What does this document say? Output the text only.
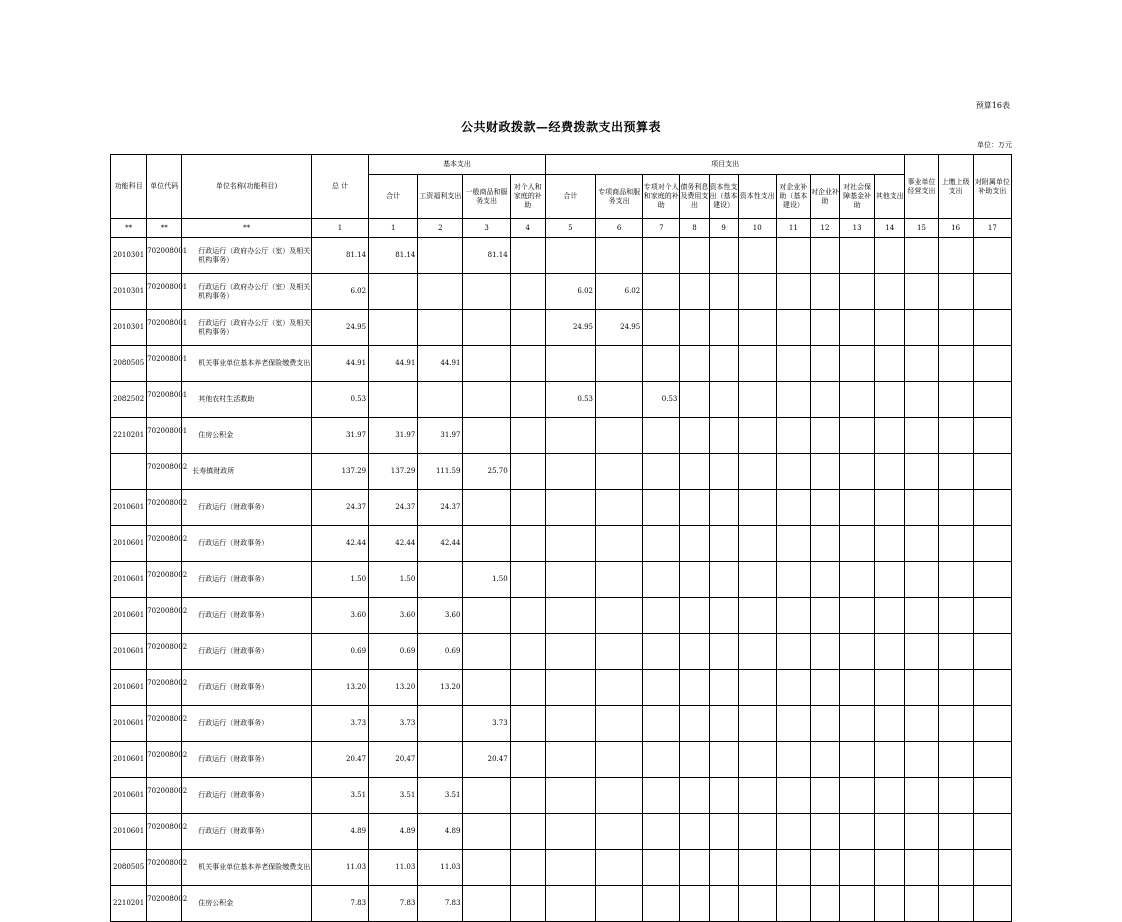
预算16表
公共财政拨款—经费拨款支出预算表
单位：万元
功能科目	单位代码	单位名称(功能科目)	总 计	基本支出				项目支出										事业单位经营支出	上缴上级支出	对附属单位补助支出
				合计	工资福利支出	一般商品和服务支出	对个人和家庭的补助	合计	专项商品和服务支出	专项对个人和家庭的补助	债务利息及费用支出	资本性支出（基本建设）	资本性支出	对企业补助（基本建设）	对企业补助	对社会保障基金补助	其他支出			
**	**	**	1	1	2	3	4	5	6	7	8	9	10	11	12	13	14	15	16	17
2010301	702008001	行政运行（政府办公厅（室）及相关机构事务）	81.14	81.14		81.14														
2010301	702008001	行政运行（政府办公厅（室）及相关机构事务）	6.02					6.02	6.02											
2010301	702008001	行政运行（政府办公厅（室）及相关机构事务）	24.95					24.95	24.95											
2080505	702008001	机关事业单位基本养老保险缴费支出	44.91	44.91	44.91															
2082502	702008001	其他农村生活救助	0.53					0.53		0.53										
2210201	702008001	住房公积金	31.97	31.97	31.97															
	702008002	长寿镇财政所	137.29	137.29	111.59	25.70														
2010601	702008002	行政运行（财政事务）	24.37	24.37	24.37															
2010601	702008002	行政运行（财政事务）	42.44	42.44	42.44															
2010601	702008002	行政运行（财政事务）	1.50	1.50		1.50														
2010601	702008002	行政运行（财政事务）	3.60	3.60	3.60															
2010601	702008002	行政运行（财政事务）	0.69	0.69	0.69															
2010601	702008002	行政运行（财政事务）	13.20	13.20	13.20															
2010601	702008002	行政运行（财政事务）	3.73	3.73		3.73														
2010601	702008002	行政运行（财政事务）	20.47	20.47		20.47														
2010601	702008002	行政运行（财政事务）	3.51	3.51	3.51															
2010601	702008002	行政运行（财政事务）	4.89	4.89	4.89															
2080505	702008002	机关事业单位基本养老保险缴费支出	11.03	11.03	11.03															
2210201	702008002	住房公积金	7.83	7.83	7.83															
